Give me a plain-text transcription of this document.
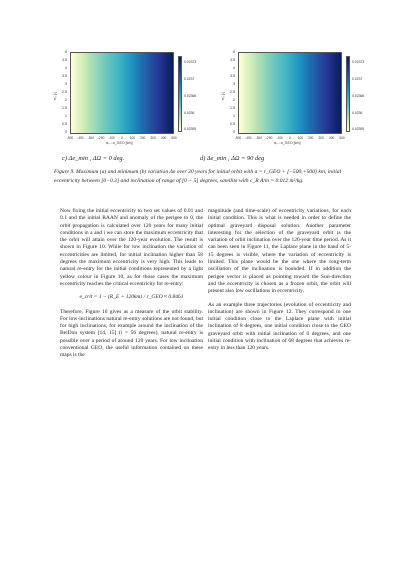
5
4.5
4
3.5
3
2.5
2
1.5
1
0.5
0
e₀ [-]
-500	-400	-300	-200	-100	0	100	200	300	400	500
a₀ - a_GEO [km]
0.02373
0.0237
0.02366
0.0236
0.02359
c) Δe_min , ΔΩ = 0 deg.
5
4.5
4
3.5
3
2.5
2
1.5
1
0.5
0
e₀ [-]
-500	-400	-300	-200	-100	0	100	200	300	400	500
a₀ - a_GEO [km]
0.02373
0.0237
0.02366
0.0236
0.02359
d) Δe_min , ΔΩ = 90 deg
Figure 9. Maximum (a) and minimum (b) variation Δe over 30 years for initial orbit with a = r_GEO + [−500,+500] km, initial eccentricity between [0−0.3] and inclination of range of [0 − 5] degrees, satellite with c_R A/m = 0.012 m²/kg.

Now fixing the initial eccentricity to two set values of 0.01 and 0.1 and the initial RAAN and anomaly of the perigee to 0, the orbit propagation is calculated over 120 years for many initial conditions in a and i we can store the maximum eccentricity that the orbit will attain over the 120-year evolution. The result is shown in Figure 10. While for low inclination the variation of eccentricities are limited, for initial inclination higher than 58 degrees the maximum eccentricity is very high. This leads to natural re-entry for the initial conditions represented by a light yellow colour in Figure 10, as for those cases the maximum eccentricity reaches the critical eccentricity for re-entry:

e_crit = 1 − (R_E + 120km) / r_GEO ≈ 0.8461

Therefore, Figure 10 gives as a measure of the orbit stability. For low-inclinations natural re-entry solutions are not found, but for high inclinations, for example around the inclination of the BeiDou system [14, 15] (i = 56 degrees), natural re-entry is possible over a period of around 120 years. For low inclination conventional GEO, the useful information contained on these maps is the

magnitude (and time-scale) of eccentricity variations, for each initial condition. This is what is needed in order to define the optimal graveyard disposal solution. Another parameter interesting for the selection of the graveyard orbit is the variation of orbit inclination over the 120-year time period. As it can been seen in Figure 11, the Laplace plane in the band of 5-15 degrees is visible, where the variation of eccentricity is limited. This plane would be the one where the long-term oscillation of the inclination is bounded. If in addition the perigee vector is placed as pointing toward the Sun-direction and the eccentricity is chosen as a frozen orbit, the orbit will present also low oscillations in eccentricity.

As an example three trajectories (evolution of eccentricity and inclination) are shown in Figure 12. They correspond to one initial condition close to the Laplace plane with initial inclination of 8 degrees, one initial condition close to the GEO graveyard orbit with initial inclination of 0 degrees, and one initial condition with inclination of 68 degrees that achieves re-entry in less than 120 years.
